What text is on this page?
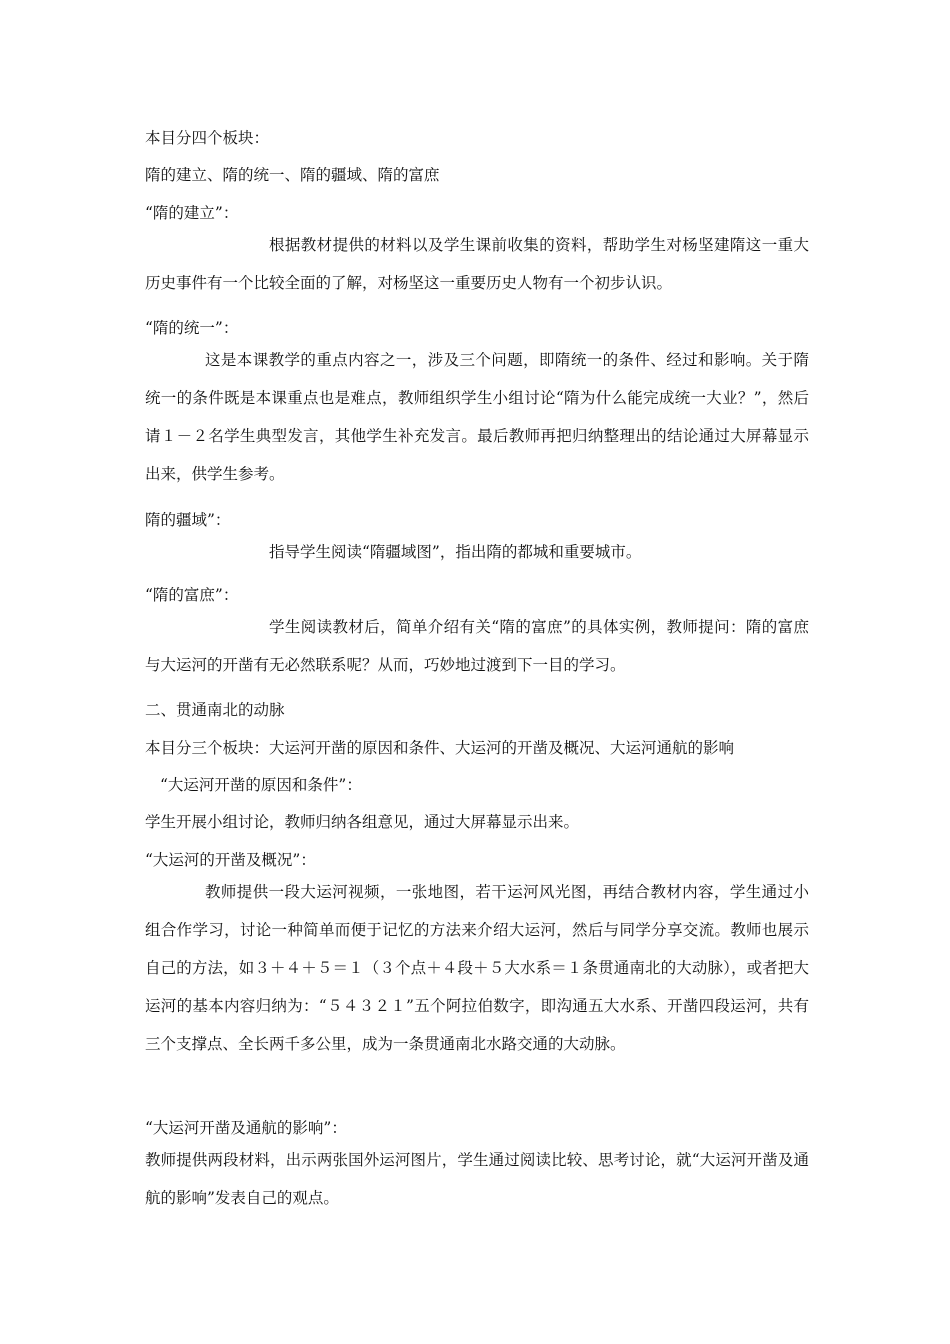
本目分四个板块：
隋的建立、隋的统一、隋的疆域、隋的富庶
“隋的建立”：
根据教材提供的材料以及学生课前收集的资料，帮助学生对杨坚建隋这一重大历史事件有一个比较全面的了解，对杨坚这一重要历史人物有一个初步认识。
“隋的统一”：
这是本课教学的重点内容之一，涉及三个问题，即隋统一的条件、经过和影响。关于隋统一的条件既是本课重点也是难点，教师组织学生小组讨论“隋为什么能完成统一大业？”，然后请１－２名学生典型发言，其他学生补充发言。最后教师再把归纳整理出的结论通过大屏幕显示出来，供学生参考。
隋的疆域”：
指导学生阅读“隋疆域图”，指出隋的都城和重要城市。
“隋的富庶”：
学生阅读教材后，简单介绍有关“隋的富庶”的具体实例，教师提问：隋的富庶与大运河的开凿有无必然联系呢？从而，巧妙地过渡到下一目的学习。
二、贯通南北的动脉
本目分三个板块：大运河开凿的原因和条件、大运河的开凿及概况、大运河通航的影响
“大运河开凿的原因和条件”：
学生开展小组讨论，教师归纳各组意见，通过大屏幕显示出来。
“大运河的开凿及概况”：
教师提供一段大运河视频，一张地图，若干运河风光图，再结合教材内容，学生通过小组合作学习，讨论一种简单而便于记忆的方法来介绍大运河，然后与同学分享交流。教师也展示自己的方法，如３＋４＋５＝１（３个点＋４段＋５大水系＝１条贯通南北的大动脉），或者把大运河的基本内容归纳为：“５４３２１”五个阿拉伯数字，即沟通五大水系、开凿四段运河，共有三个支撑点、全长两千多公里，成为一条贯通南北水路交通的大动脉。
“大运河开凿及通航的影响”：
教师提供两段材料，出示两张国外运河图片，学生通过阅读比较、思考讨论，就“大运河开凿及通航的影响”发表自己的观点。
